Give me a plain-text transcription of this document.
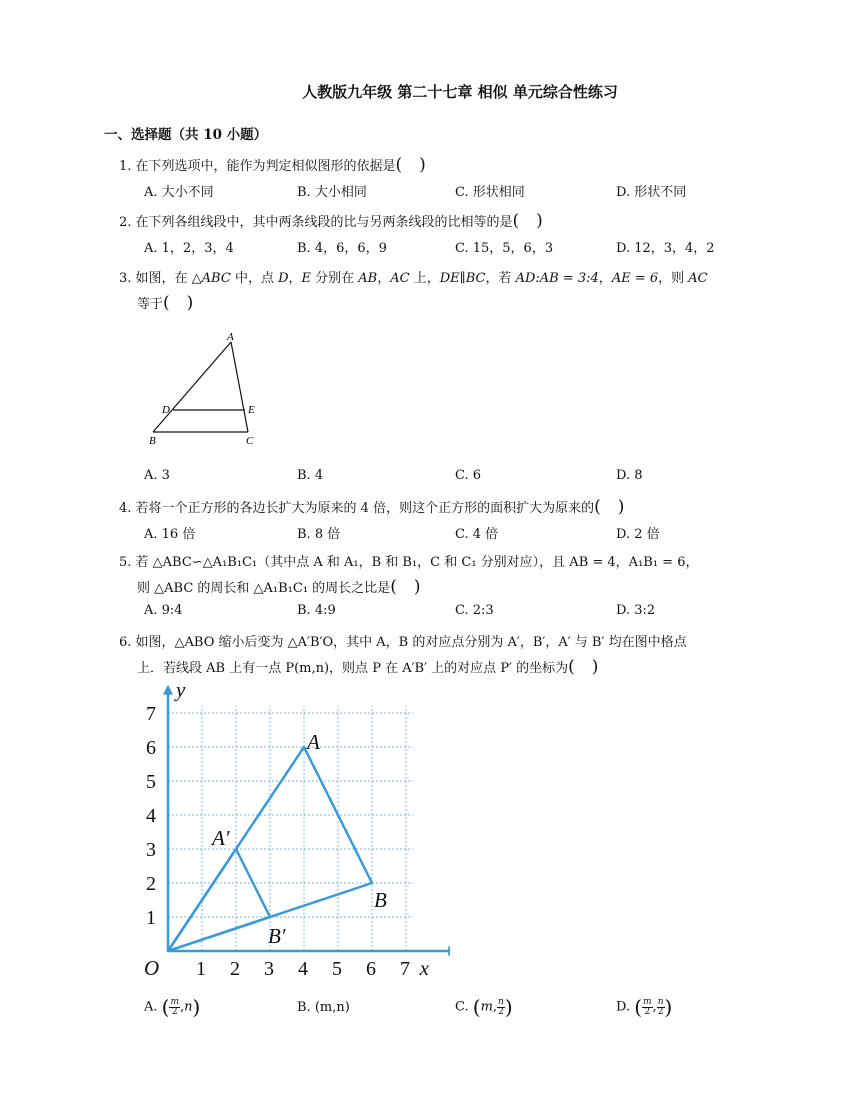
人教版九年级 第二十七章 相似 单元综合性练习
一、选择题（共 10 小题）
1. 在下列选项中，能作为判定相似图形的依据是( )
A. 大小不同	B. 大小相同	C. 形状相同	D. 形状不同
2. 在下列各组线段中，其中两条线段的比与另两条线段的比相等的是( )
A. 1，2，3，4	B. 4，6，6，9	C. 15，5，6，3	D. 12，3，4，2
3. 如图，在 △ABC 中，点 D，E 分别在 AB，AC 上，DE∥BC，若 AD:AB = 3:4，AE = 6，则 AC
等于( )
A
D	E
B	C
A. 3	B. 4	C. 6	D. 8
4. 若将一个正方形的各边长扩大为原来的 4 倍，则这个正方形的面积扩大为原来的( )
A. 16 倍	B. 8 倍	C. 4 倍	D. 2 倍
5. 若 △ABC∽△A₁B₁C₁（其中点 A 和 A₁，B 和 B₁，C 和 C₁ 分别对应），且 AB = 4，A₁B₁ = 6，
则 △ABC 的周长和 △A₁B₁C₁ 的周长之比是( )
A. 9:4	B. 4:9	C. 2:3	D. 3:2
6. 如图，△ABO 缩小后变为 △A′B′O，其中 A，B 的对应点分别为 A′，B′，A′ 与 B′ 均在图中格点
上．若线段 AB 上有一点 P(m,n)，则点 P 在 A′B′ 上的对应点 P′ 的坐标为( )
1 2 3 4 5 6 7
1
2
3
4
5
6
7
O	x
y
A
B
A′
B′
A. ( $\frac{m}{2} ,n$)	B. (m,n)	C. (m, $\frac{n}{2}$ )	D. ( $\frac{m}{2}$ , $\frac{n}{2}$ )
